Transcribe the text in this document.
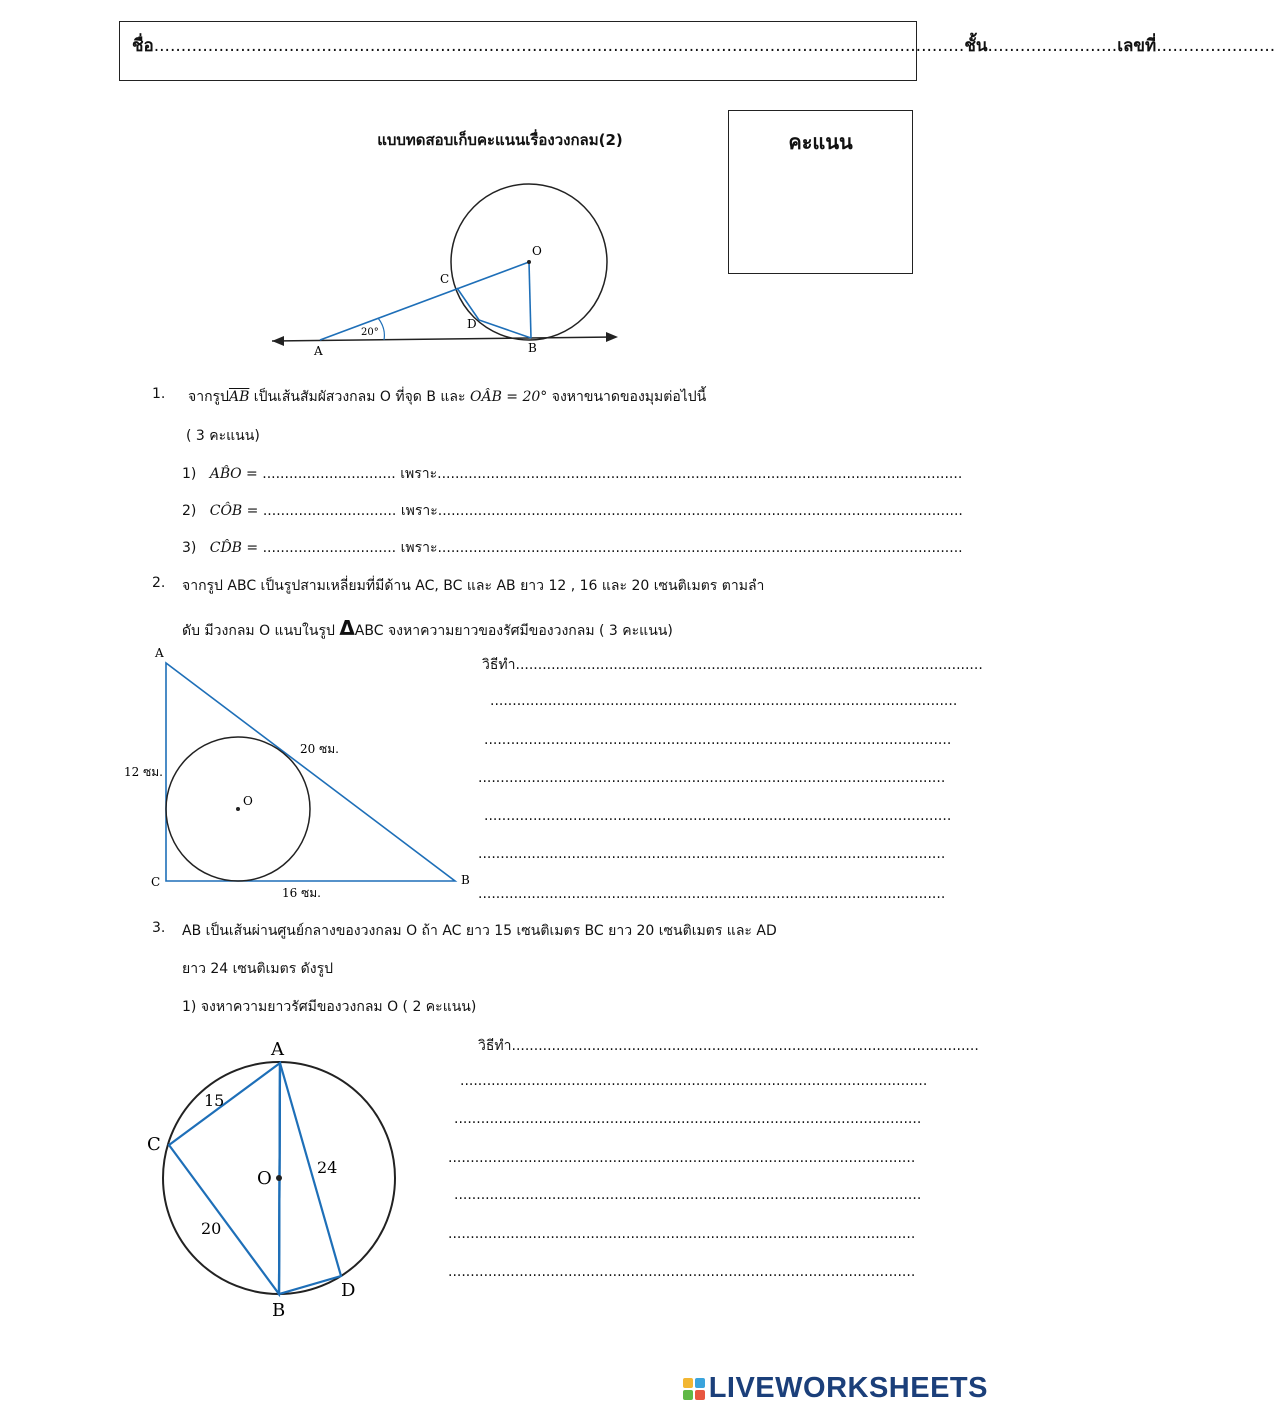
ชื่อ......................................................................................................................................................ชั้น........................เลขที่......................
แบบทดสอบเก็บคะแนนเรื่องวงกลม(2)	คะแนน
O
C
D
A	B
20°
1. จากรูป$\overline{AB}$ เป็นเส้นสัมผัสวงกลม O ที่จุด B และ OÂB = 20° จงหาขนาดของมุมต่อไปนี้
( 3 คะแนน)
1) AB̂O = .............................. เพราะ......................................................................................................................
2) CÔB = .............................. เพราะ......................................................................................................................
3) CD̂B = .............................. เพราะ......................................................................................................................
2. จากรูป ABC เป็นรูปสามเหลี่ยมที่มีด้าน AC, BC และ AB ยาว 12 , 16 และ 20 เซนติเมตร ตามลำ
ดับ มีวงกลม O แนบในรูป ΔABC จงหาความยาวของรัศมีของวงกลม ( 3 คะแนน)
A
C	B
O
12 ซม.
20 ซม.
16 ซม.
วิธีทำ.........................................................................................................
.........................................................................................................
.........................................................................................................
.........................................................................................................
.........................................................................................................
.........................................................................................................
.........................................................................................................
3. AB เป็นเส้นผ่านศูนย์กลางของวงกลม O ถ้า AC ยาว 15 เซนติเมตร BC ยาว 20 เซนติเมตร และ AD
ยาว 24 เซนติเมตร ดังรูป
1) จงหาความยาวรัศมีของวงกลม O ( 2 คะแนน)
A
C
B
D
O
15
20
24
วิธีทำ.........................................................................................................
.........................................................................................................
.........................................................................................................
.........................................................................................................
.........................................................................................................
.........................................................................................................
.........................................................................................................
LIVEWORKSHEETS
